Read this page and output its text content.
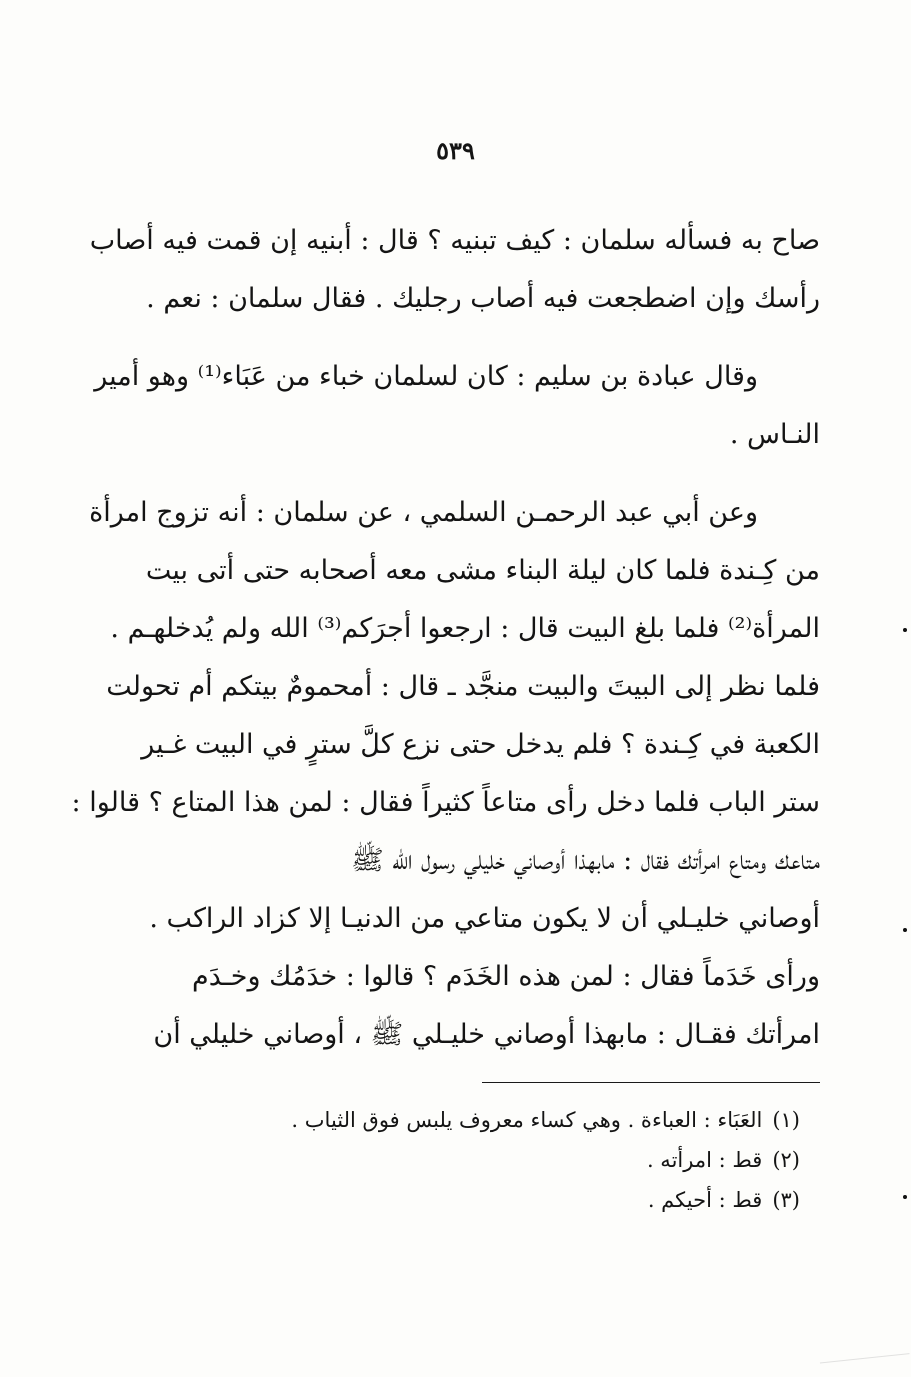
٥٣٩

صاح به فسأله سلمان : كيف تبنيه ؟ قال : أبنيه إن قمت فيه أصاب
رأسك وإن اضطجعت فيه أصاب رجليك . فقال سلمان : نعم .

وقال عبادة بن سليم : كان لسلمان خباء من عَبَاء⁽¹⁾ وهو أمير
النـاس .

وعن أبي عبد الرحمـن السلمي ، عن سلمان : أنه تزوج امرأة
من كِـندة فلما كان ليلة البناء مشى معه أصحابه حتى أتى بيت
المرأة⁽²⁾ فلما بلغ البيت قال : ارجعوا أجرَكم⁽³⁾ الله ولم يُدخلهـم .
فلما نظر إلى البيتَ والبيت منجَّد ـ قال : أمحمومٌ بيتكم أم تحولت
الكعبة في كِـندة ؟ فلم يدخل حتى نزع كلَّ سترٍ في البيت غـير
ستر الباب فلما دخل رأى متاعاً كثيراً فقال : لمن هذا المتاع ؟ قالوا :
متاعك ومتاع امرأتك فقال : مابهذا أوصاني خليلي رسول الله ﷺ
أوصاني خليـلي أن لا يكون متاعي من الدنيـا إلا كزاد الراكب .
ورأى خَدَماً فقال : لمن هذه الخَدَم ؟ قالوا : خدَمُك وخـدَم
امرأتك فقـال : مابهذا أوصاني خليـلي ﷺ ، أوصاني خليلي أن

(١)العَبَاء : العباءة . وهي كساء معروف يلبس فوق الثياب .
(٢)قط : امرأته .
(٣)قط : أحيكم .
